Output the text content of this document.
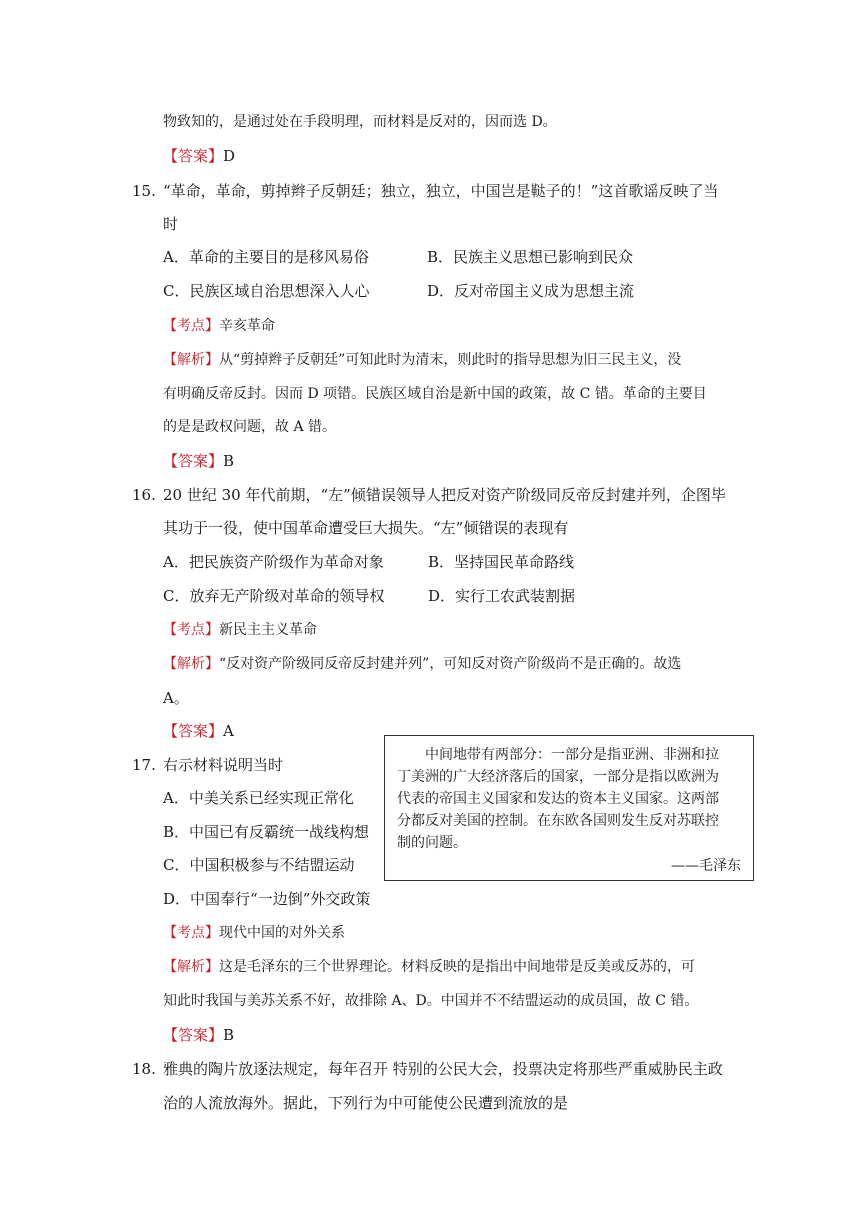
物致知的，是通过处在手段明理，而材料是反对的，因而选 D。
【答案】D
15. “革命，革命，剪掉辫子反朝廷；独立，独立，中国岂是鞑子的！”这首歌谣反映了当
时
A．革命的主要目的是移风易俗	B．民族主义思想已影响到民众
C．民族区域自治思想深入人心	D．反对帝国主义成为思想主流
【考点】辛亥革命
【解析】从“剪掉辫子反朝廷”可知此时为清末，则此时的指导思想为旧三民主义，没
有明确反帝反封。因而 D 项错。民族区域自治是新中国的政策，故 C 错。革命的主要目
的是是政权问题，故 A 错。
【答案】B
16. 20 世纪 30 年代前期，“左”倾错误领导人把反对资产阶级同反帝反封建并列，企图毕
其功于一役，使中国革命遭受巨大损失。“左”倾错误的表现有
A．把民族资产阶级作为革命对象	B．坚持国民革命路线
C．放弃无产阶级对革命的领导权	D．实行工农武装割据
【考点】新民主主义革命
【解析】“反对资产阶级同反帝反封建并列”，可知反对资产阶级尚不是正确的。故选
A。
【答案】A
17. 右示材料说明当时
A．中美关系已经实现正常化
B．中国已有反霸统一战线构想
C．中国积极参与不结盟运动
D．中国奉行“一边倒”外交政策
中间地带有两部分：一部分是指亚洲、非洲和拉
丁美洲的广大经济落后的国家，一部分是指以欧洲为
代表的帝国主义国家和发达的资本主义国家。这两部
分都反对美国的控制。在东欧各国则发生反对苏联控
制的问题。
——毛泽东
【考点】现代中国的对外关系
【解析】这是毛泽东的三个世界理论。材料反映的是指出中间地带是反美或反苏的，可
知此时我国与美苏关系不好，故排除 A、D。中国并不不结盟运动的成员国，故 C 错。
【答案】B
18. 雅典的陶片放逐法规定，每年召开 特别的公民大会，投票决定将那些严重威胁民主政
治的人流放海外。据此，下列行为中可能使公民遭到流放的是
